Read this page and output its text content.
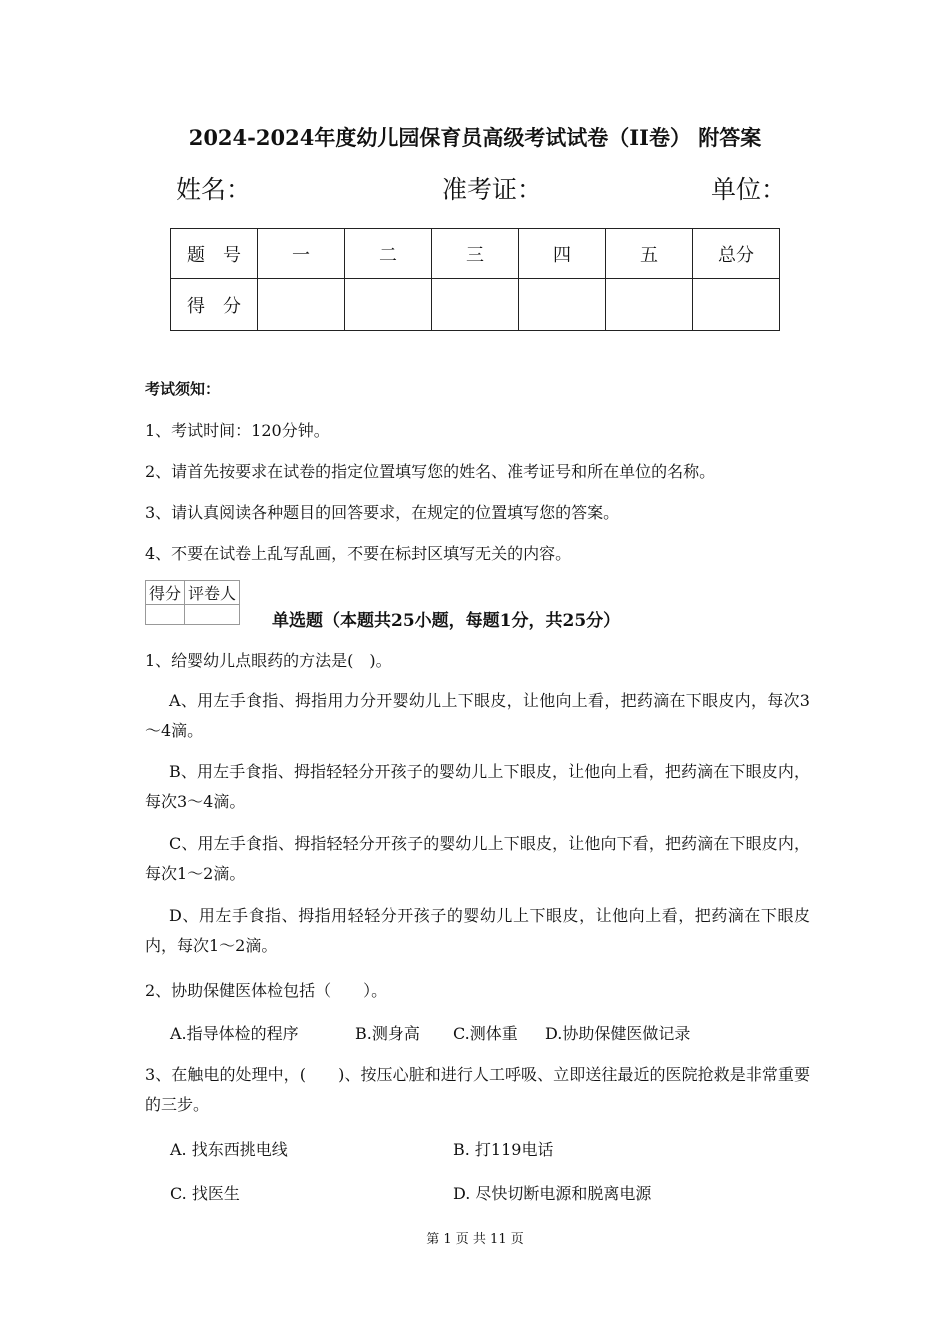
2024-2024年度幼儿园保育员高级考试试卷（II卷） 附答案
姓名：	准考证：	单位：
题　号	一	二	三	四	五	总分
得　分						
考试须知：
1、考试时间：120分钟。
2、请首先按要求在试卷的指定位置填写您的姓名、准考证号和所在单位的名称。
3、请认真阅读各种题目的回答要求，在规定的位置填写您的答案。
4、不要在试卷上乱写乱画，不要在标封区填写无关的内容。
得分	评卷人

单选题（本题共25小题，每题1分，共25分）
1、给婴幼儿点眼药的方法是(　)。
A、用左手食指、拇指用力分开婴幼儿上下眼皮，让他向上看，把药滴在下眼皮内，每次3～4滴。
B、用左手食指、拇指轻轻分开孩子的婴幼儿上下眼皮，让他向上看，把药滴在下眼皮内，每次3～4滴。
C、用左手食指、拇指轻轻分开孩子的婴幼儿上下眼皮，让他向下看，把药滴在下眼皮内，每次1～2滴。
D、用左手食指、拇指用轻轻分开孩子的婴幼儿上下眼皮，让他向上看，把药滴在下眼皮内，每次1～2滴。
2、协助保健医体检包括（　　）。
A.指导体检的程序	B.测身高 C.测体重 D.协助保健医做记录
3、在触电的处理中，(　　)、按压心脏和进行人工呼吸、立即送往最近的医院抢救是非常重要的三步。
A. 找东西挑电线	B. 打119电话
C. 找医生	D. 尽快切断电源和脱离电源
第 1 页 共 11 页
